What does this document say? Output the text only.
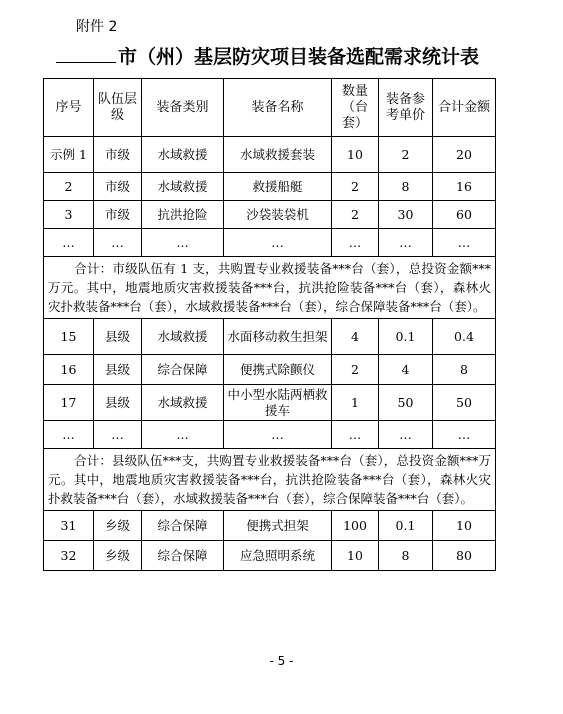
附件 2
市（州）基层防灾项目装备选配需求统计表
序号	队伍层级	装备类别	装备名称	数量（台套）	装备参考单价	合计金额
示例 1	市级	水域救援	水域救援套装	10	2	20
2	市级	水域救援	救援船艇	2	8	16
3	市级	抗洪抢险	沙袋装袋机	2	30	60
…	…	…	…	…	…	…
合计：市级队伍有 1 支，共购置专业救援装备***台（套），总投资金额***万元。其中，地震地质灾害救援装备***台，抗洪抢险装备***台（套），森林火灾扑救装备***台（套），水域救援装备***台（套），综合保障装备***台（套）。						
15	县级	水域救援	水面移动救生担架	4	0.1	0.4
16	县级	综合保障	便携式除颤仪	2	4	8
17	县级	水域救援	中小型水陆两栖救援车	1	50	50
…	…	…	…	…	…	…
合计：县级队伍***支，共购置专业救援装备***台（套），总投资金额***万元。其中，地震地质灾害救援装备***台，抗洪抢险装备***台（套），森林火灾扑救装备***台（套），水域救援装备***台（套），综合保障装备***台（套）。						
31	乡级	综合保障	便携式担架	100	0.1	10
32	乡级	综合保障	应急照明系统	10	8	80
- 5 -
